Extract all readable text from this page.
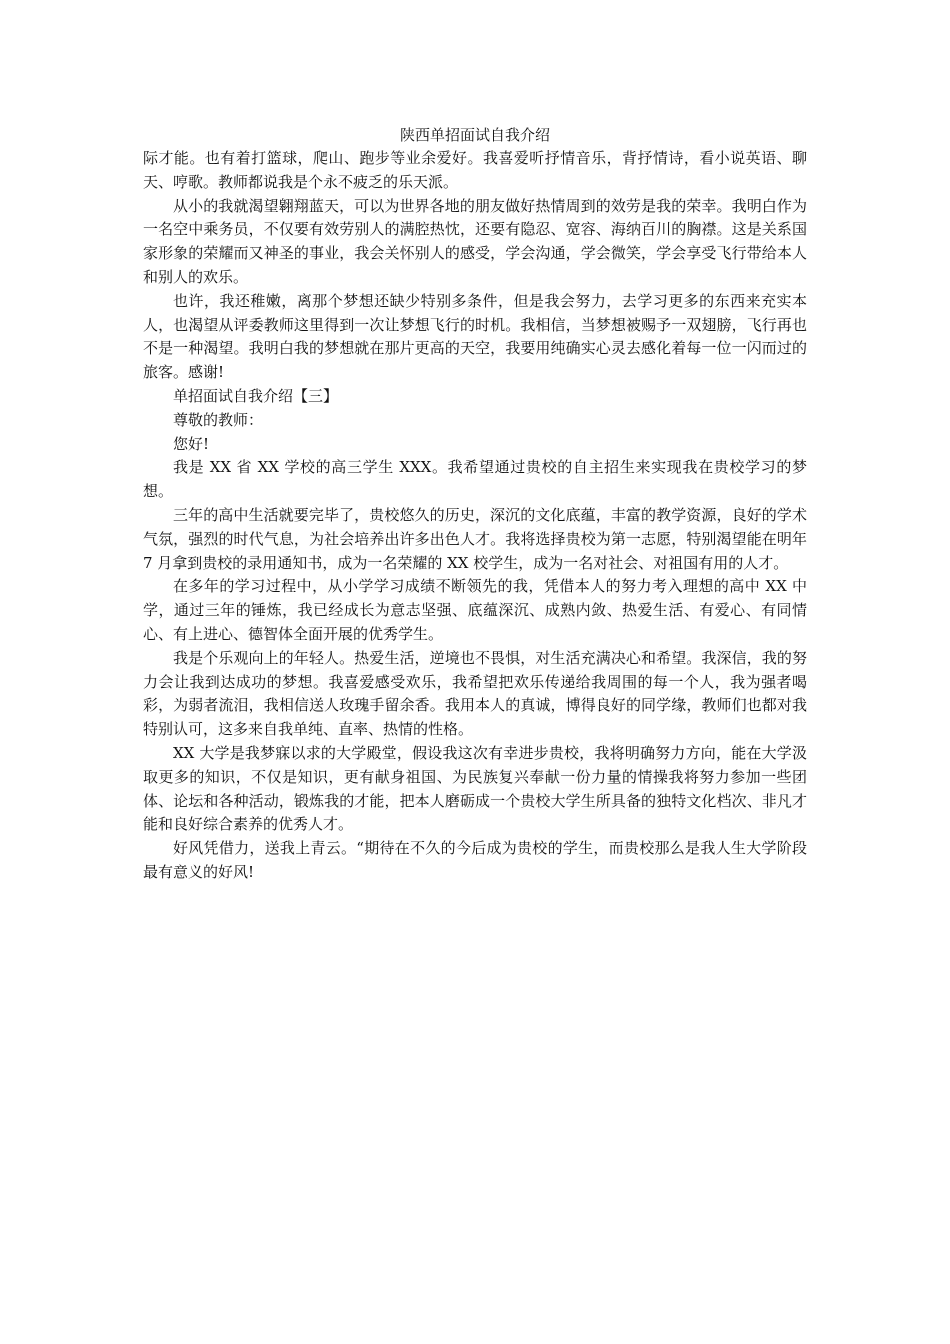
陕西单招面试自我介绍

际才能。也有着打篮球，爬山、跑步等业余爱好。我喜爱听抒情音乐，背抒情诗，看小说英语、聊天、哼歌。教师都说我是个永不疲乏的乐天派。

从小的我就渴望翱翔蓝天，可以为世界各地的朋友做好热情周到的效劳是我的荣幸。我明白作为一名空中乘务员，不仅要有效劳别人的满腔热忱，还要有隐忍、宽容、海纳百川的胸襟。这是关系国家形象的荣耀而又神圣的事业，我会关怀别人的感受，学会沟通，学会微笑，学会享受飞行带给本人和别人的欢乐。

也许，我还稚嫩，离那个梦想还缺少特别多条件，但是我会努力，去学习更多的东西来充实本人，也渴望从评委教师这里得到一次让梦想飞行的时机。我相信，当梦想被赐予一双翅膀，飞行再也不是一种渴望。我明白我的梦想就在那片更高的天空，我要用纯确实心灵去感化着每一位一闪而过的旅客。感谢!

单招面试自我介绍【三】

尊敬的教师：

您好!

我是 XX 省 XX 学校的高三学生 XXX。我希望通过贵校的自主招生来实现我在贵校学习的梦想。

三年的高中生活就要完毕了，贵校悠久的历史，深沉的文化底蕴，丰富的教学资源，良好的学术气氛，强烈的时代气息，为社会培养出许多出色人才。我将选择贵校为第一志愿，特别渴望能在明年 7 月拿到贵校的录用通知书，成为一名荣耀的 XX 校学生，成为一名对社会、对祖国有用的人才。

在多年的学习过程中，从小学学习成绩不断领先的我，凭借本人的努力考入理想的高中 XX 中学，通过三年的锤炼，我已经成长为意志坚强、底蕴深沉、成熟内敛、热爱生活、有爱心、有同情心、有上进心、德智体全面开展的优秀学生。

我是个乐观向上的年轻人。热爱生活，逆境也不畏惧，对生活充满决心和希望。我深信，我的努力会让我到达成功的梦想。我喜爱感受欢乐，我希望把欢乐传递给我周围的每一个人，我为强者喝彩，为弱者流泪，我相信送人玫瑰手留余香。我用本人的真诚，博得良好的同学缘，教师们也都对我特别认可，这多来自我单纯、直率、热情的性格。

XX 大学是我梦寐以求的大学殿堂，假设我这次有幸进步贵校，我将明确努力方向，能在大学汲取更多的知识，不仅是知识，更有献身祖国、为民族复兴奉献一份力量的情操我将努力参加一些团体、论坛和各种活动，锻炼我的才能，把本人磨砺成一个贵校大学生所具备的独特文化档次、非凡才能和良好综合素养的优秀人才。

好风凭借力，送我上青云。“期待在不久的今后成为贵校的学生，而贵校那么是我人生大学阶段最有意义的好风!
